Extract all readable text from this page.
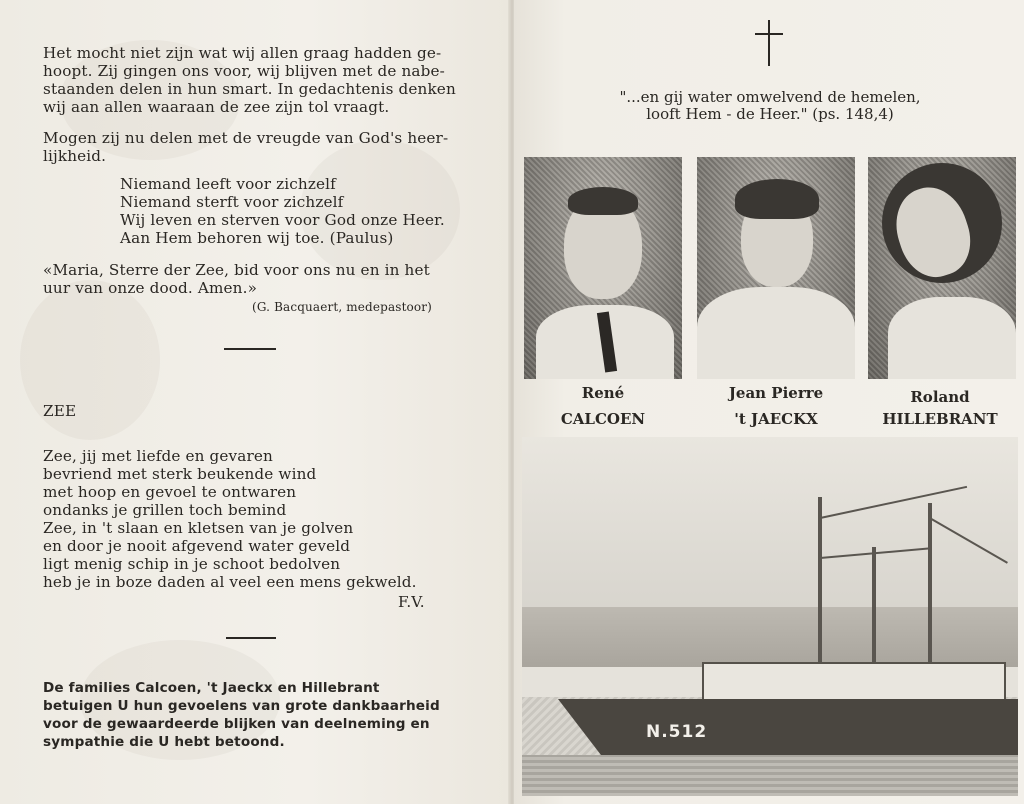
Het mocht niet zijn wat wij allen graag hadden ge-
hoopt. Zij gingen ons voor, wij blijven met de nabe-
staanden delen in hun smart. In gedachtenis denken
wij aan allen waaraan de zee zijn tol vraagt.
Mogen zij nu delen met de vreugde van God's heer-
lijkheid.
Niemand leeft voor zichzelf
Niemand sterft voor zichzelf
Wij leven en sterven voor God onze Heer.
Aan Hem behoren wij toe. (Paulus)
«Maria, Sterre der Zee, bid voor ons nu en in het
uur van onze dood. Amen.»
(G. Bacquaert, medepastoor)
ZEE
Zee, jij met liefde en gevaren
bevriend met sterk beukende wind
met hoop en gevoel te ontwaren
ondanks je grillen toch bemind
Zee, in 't slaan en kletsen van je golven
en door je nooit afgevend water geveld
ligt menig schip in je schoot bedolven
heb je in boze daden al veel een mens gekweld.
F.V.
De families Calcoen, 't Jaeckx en Hillebrant
betuigen U hun gevoelens van grote dankbaarheid
voor de gewaardeerde blijken van deelneming en
sympathie die U hebt betoond.
"...en gij water omwelvend de hemelen,
looft Hem - de Heer." (ps. 148,4)
René
CALCOEN
Jean Pierre
't JAECKX
Roland
HILLEBRANT
N.512
